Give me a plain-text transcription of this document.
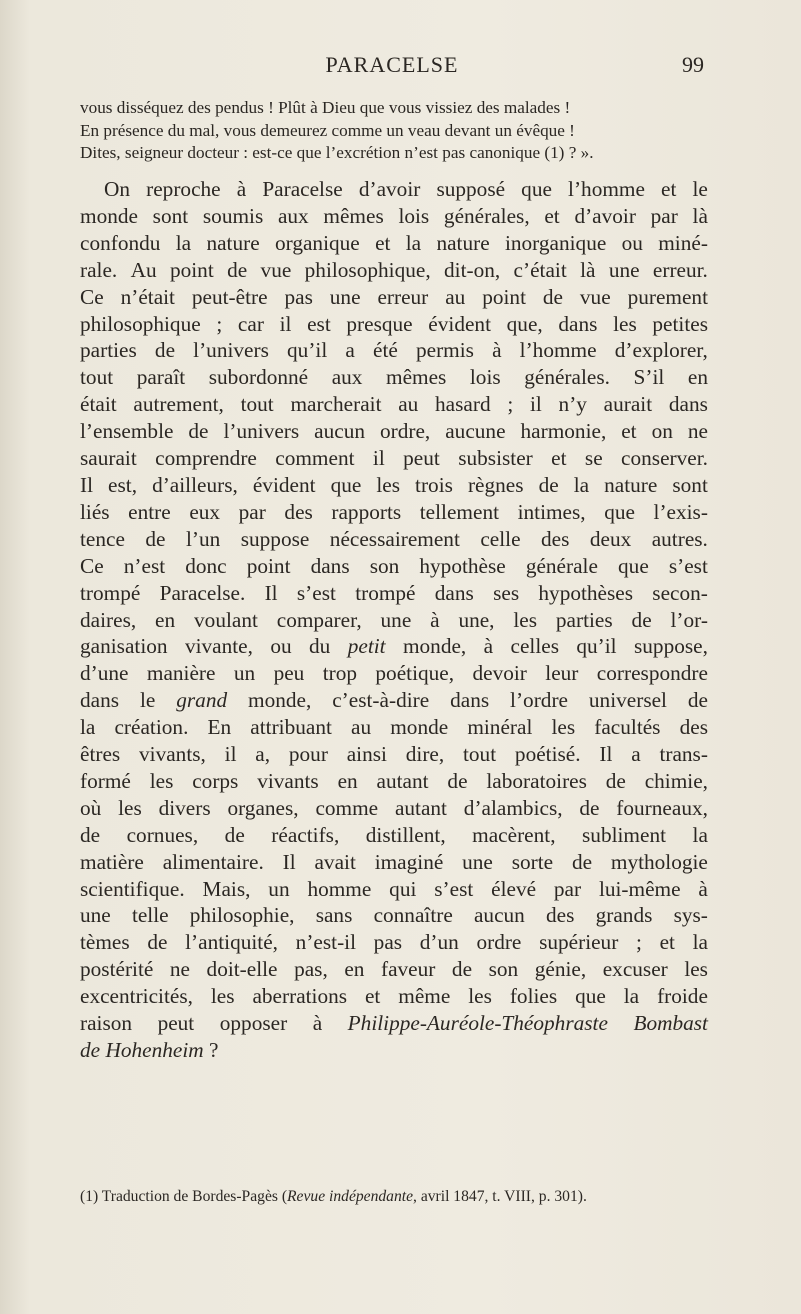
PARACELSE	99
vous disséquez des pendus ! Plût à Dieu que vous vissiez des malades !
En présence du mal, vous demeurez comme un veau devant un évêque !
Dites, seigneur docteur : est-ce que l’excrétion n’est pas canonique (1) ? ».
On reproche à Paracelse d’avoir supposé que l’homme et le
monde sont soumis aux mêmes lois générales, et d’avoir par là
confondu la nature organique et la nature inorganique ou miné-
rale. Au point de vue philosophique, dit-on, c’était là une erreur.
Ce n’était peut-être pas une erreur au point de vue purement
philosophique ; car il est presque évident que, dans les petites
parties de l’univers qu’il a été permis à l’homme d’explorer,
tout paraît subordonné aux mêmes lois générales. S’il en
était autrement, tout marcherait au hasard ; il n’y aurait dans
l’ensemble de l’univers aucun ordre, aucune harmonie, et on ne
saurait comprendre comment il peut subsister et se conserver.
Il est, d’ailleurs, évident que les trois règnes de la nature sont
liés entre eux par des rapports tellement intimes, que l’exis-
tence de l’un suppose nécessairement celle des deux autres.
Ce n’est donc point dans son hypothèse générale que s’est
trompé Paracelse. Il s’est trompé dans ses hypothèses secon-
daires, en voulant comparer, une à une, les parties de l’or-
ganisation vivante, ou du petit monde, à celles qu’il suppose,
d’une manière un peu trop poétique, devoir leur correspondre
dans le grand monde, c’est-à-dire dans l’ordre universel de
la création. En attribuant au monde minéral les facultés des
êtres vivants, il a, pour ainsi dire, tout poétisé. Il a trans-
formé les corps vivants en autant de laboratoires de chimie,
où les divers organes, comme autant d’alambics, de fourneaux,
de cornues, de réactifs, distillent, macèrent, subliment la
matière alimentaire. Il avait imaginé une sorte de mythologie
scientifique. Mais, un homme qui s’est élevé par lui-même à
une telle philosophie, sans connaître aucun des grands sys-
tèmes de l’antiquité, n’est-il pas d’un ordre supérieur ; et la
postérité ne doit-elle pas, en faveur de son génie, excuser les
excentricités, les aberrations et même les folies que la froide
raison peut opposer à Philippe-Auréole-Théophraste Bombast
de Hohenheim ?
(1) Traduction de Bordes-Pagès (Revue indépendante, avril 1847, t. VIII, p. 301).
